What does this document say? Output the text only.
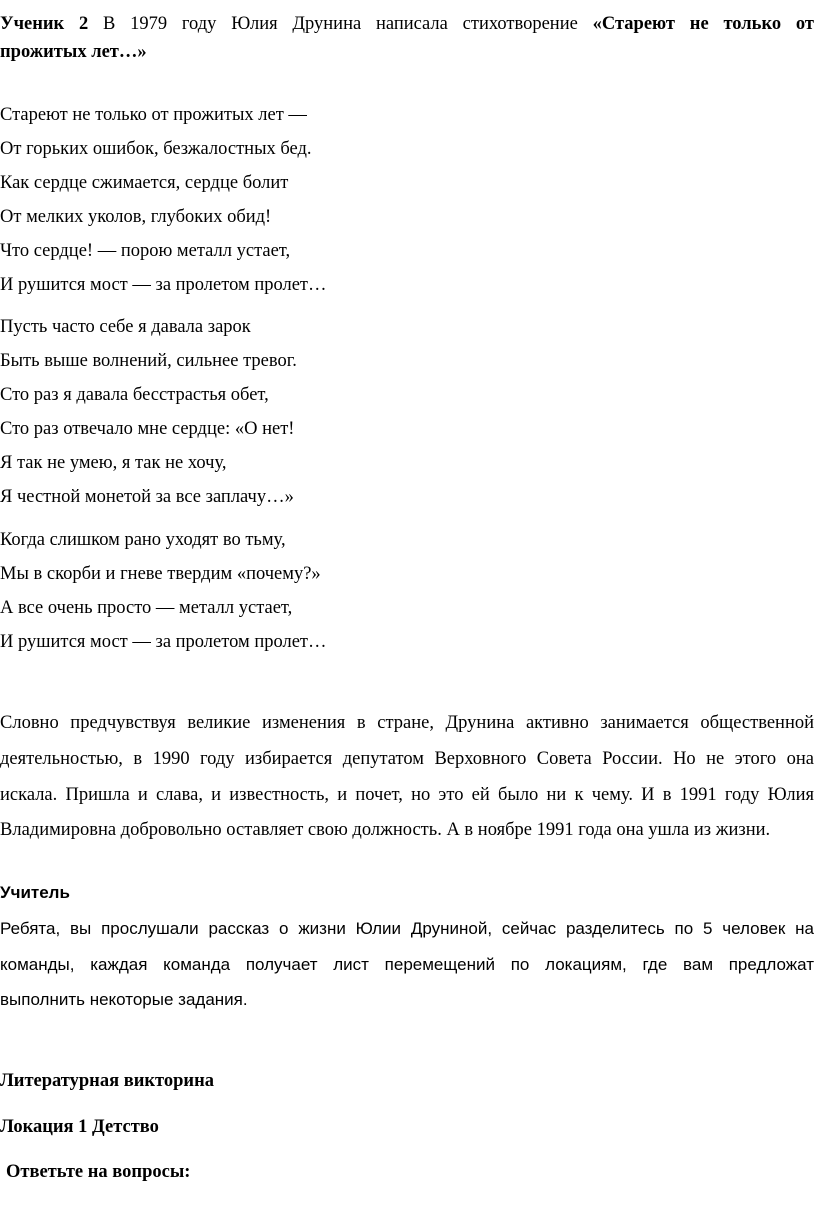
Ученик 2 В 1979 году Юлия Друнина написала стихотворение «Стареют не только от
прожитых лет…»
Стареют не только от прожитых лет —
От горьких ошибок, безжалостных бед.
Как сердце сжимается, сердце болит
От мелких уколов, глубоких обид!
Что сердце! — порою металл устает,
И рушится мост — за пролетом пролет…
Пусть часто себе я давала зарок
Быть выше волнений, сильнее тревог.
Сто раз я давала бесстрастья обет,
Сто раз отвечало мне сердце: «О нет!
Я так не умею, я так не хочу,
Я честной монетой за все заплачу…»
Когда слишком рано уходят во тьму,
Мы в скорби и гневе твердим «почему?»
А все очень просто — металл устает,
И рушится мост — за пролетом пролет…
Словно предчувствуя великие изменения в стране, Друнина активно занимается общественной
деятельностью, в 1990 году избирается депутатом Верховного Совета России. Но не этого она
искала. Пришла и слава, и известность, и почет, но это ей было ни к чему. И в 1991 году Юлия
Владимировна добровольно оставляет свою должность. А в ноябре 1991 года она ушла из жизни.
Учитель
Ребята, вы прослушали рассказ о жизни Юлии Друниной, сейчас разделитесь по 5 человек на
команды, каждая команда получает лист перемещений по локациям, где вам предложат
выполнить некоторые задания.
Литературная викторина
Локация 1 Детство
Ответьте на вопросы:
